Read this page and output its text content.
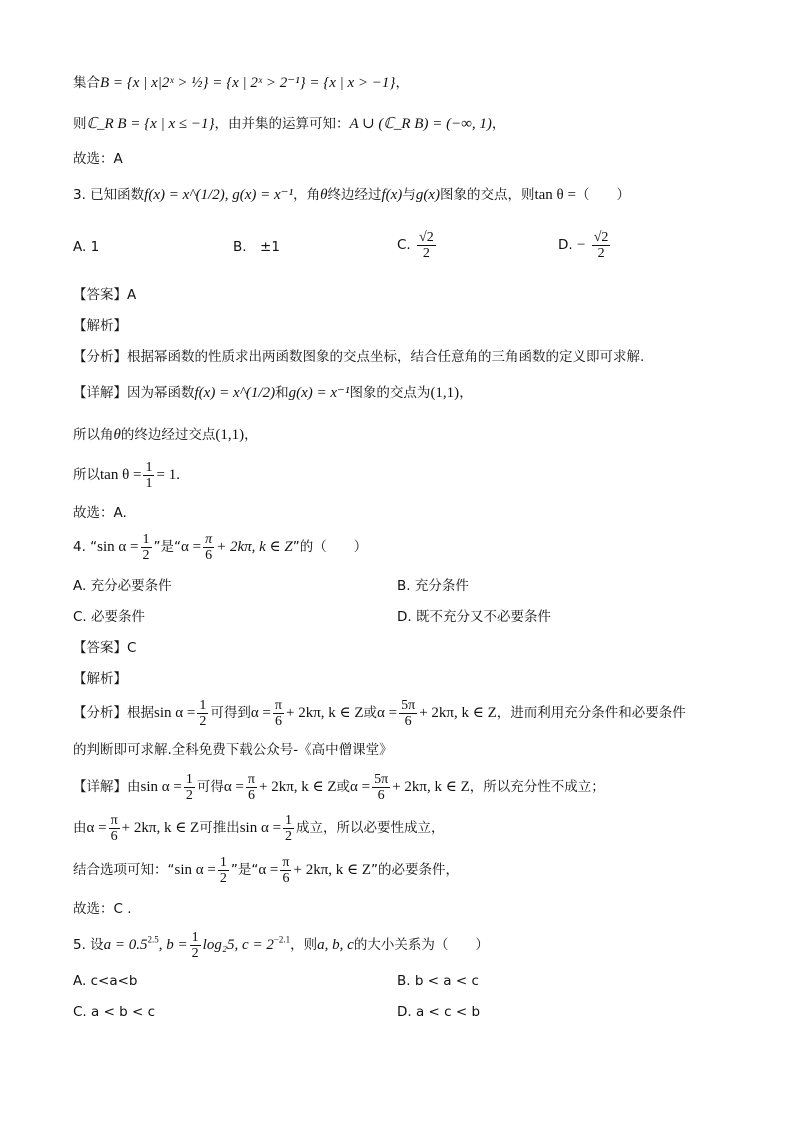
集合B = {x | x|2ˣ > ½} = {x | 2ˣ > 2⁻¹} = {x | x > −1}，
则ℂ_R B = {x | x ≤ −1}，由并集的运算可知：A ∪ (ℂ_R B) = (−∞, 1)，
故选：A
3. 已知函数f(x) = x^(1/2), g(x) = x⁻¹，角θ终边经过f(x)与g(x)图象的交点，则tan θ =（　　）
A. 1	B.　±1	C. $\frac{√2}{2}$	D. − $\frac{√2}{2}$
【答案】A
【解析】
【分析】根据幂函数的性质求出两函数图象的交点坐标，结合任意角的三角函数的定义即可求解.
【详解】因为幂函数f(x) = x^(1/2)和g(x) = x⁻¹图象的交点为(1,1)，
所以角θ的终边经过交点(1,1)，
所以$\tan \theta = \frac{1}{1} = 1$.
故选：A.
4. “sin $\alpha = \frac{1}{2}$ ”是“$\alpha = \frac{\pi}{6} + 2k\pi$, k ∈ Z”的（　　）
A. 充分必要条件	B. 充分条件
C. 必要条件	D. 既不充分又不必要条件
【答案】C
【解析】
【分析】根据$\sin \alpha = \frac{1}{2}$ 可得到$\alpha = \frac{\pi}{6} + 2k\pi$, k ∈ Z或$\alpha = \frac{5\pi}{6} + 2k\pi$, k ∈ Z，进而利用充分条件和必要条件
的判断即可求解.全科免费下载公众号-《高中僧课堂》
【详解】由$\sin \alpha = \frac{1}{2}$ 可得$\alpha = \frac{\pi}{6} + 2k\pi$, k ∈ Z或$\alpha = \frac{5\pi}{6} + 2k\pi$, k ∈ Z，所以充分性不成立；
由$\alpha = \frac{\pi}{6} + 2k\pi$, k ∈ Z可推出$\sin \alpha = \frac{1}{2}$ 成立，所以必要性成立，
结合选项可知：“sin $\alpha = \frac{1}{2}$ ”是“$\alpha = \frac{\pi}{6} + 2k\pi$, k ∈ Z”的必要条件，
故选：C .
5. 设$a = 0.5^{2.5}$, $b = \frac{1}{2} \log_25$, $c = 2^{-2.1}$，则a, b, c的大小关系为（　　）
A. c<a<b	B. b < a < c
C. a < b < c	D. a < c < b
